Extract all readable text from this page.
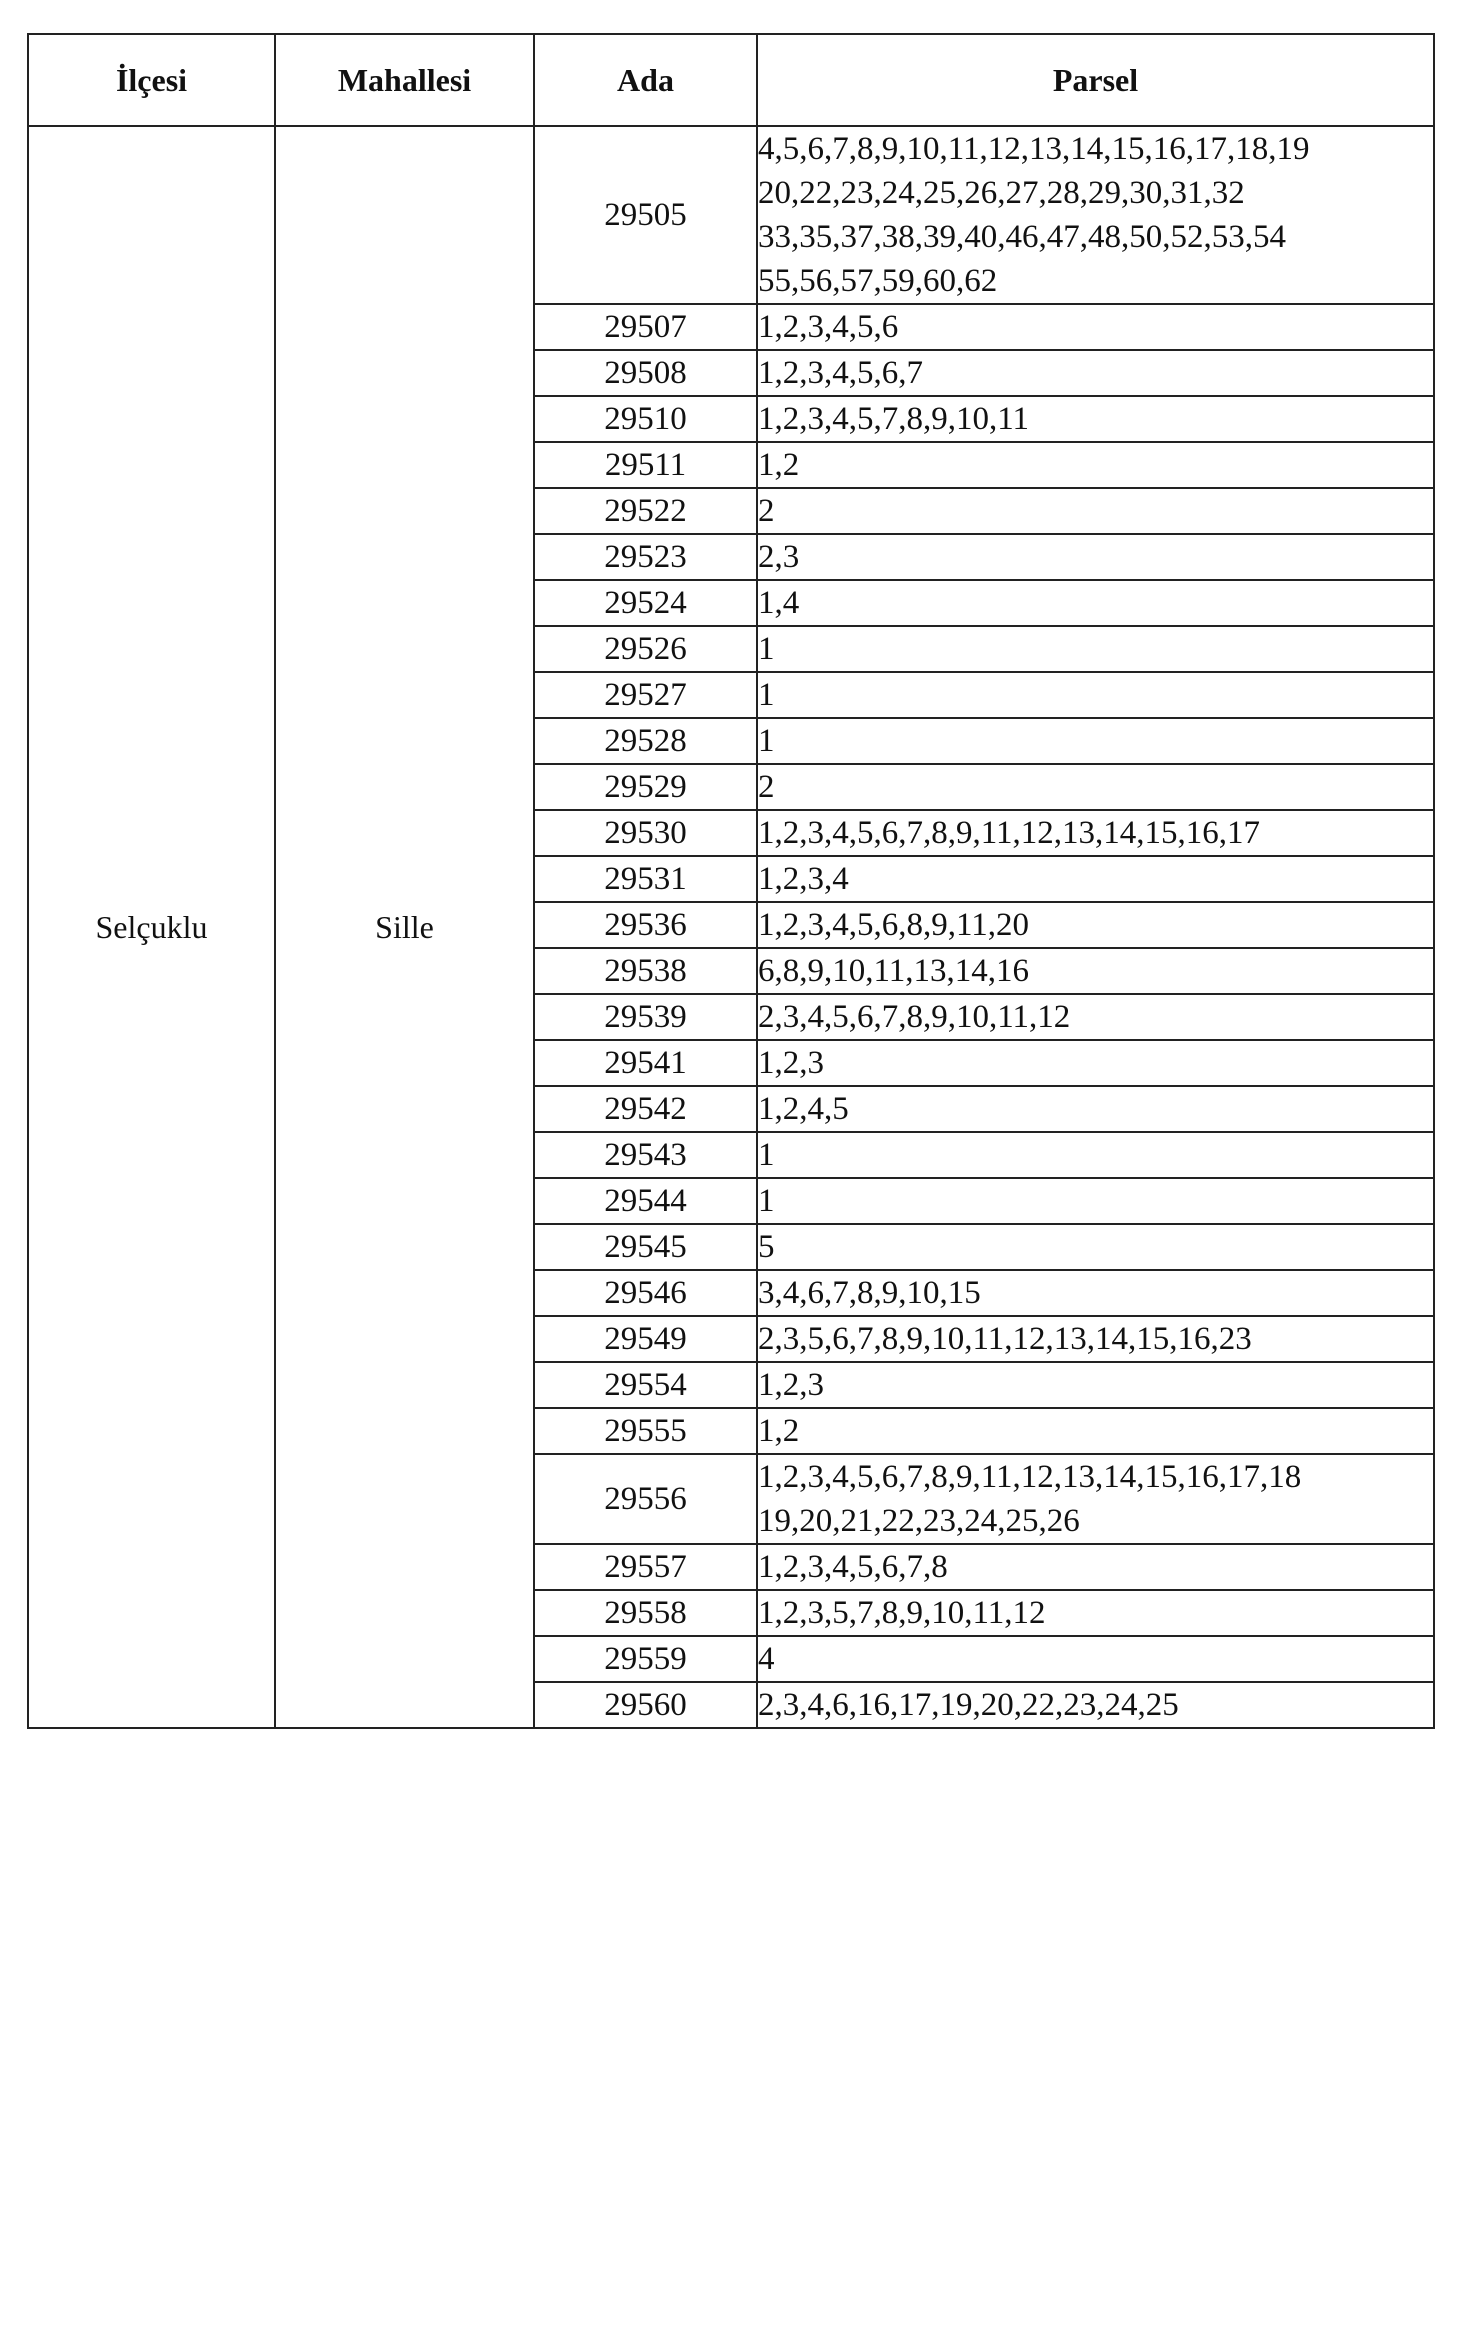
İlçesi	Mahallesi	Ada	Parsel
Selçuklu	Sille	29505	4,5,6,7,8,9,10,11,12,13,14,15,16,17,18,19
20,22,23,24,25,26,27,28,29,30,31,32
33,35,37,38,39,40,46,47,48,50,52,53,54
55,56,57,59,60,62

		29507	1,2,3,4,5,6

		29508	1,2,3,4,5,6,7

		29510	1,2,3,4,5,7,8,9,10,11

		29511	1,2

		29522	2

		29523	2,3

		29524	1,4

		29526	1

		29527	1

		29528	1

		29529	2

		29530	1,2,3,4,5,6,7,8,9,11,12,13,14,15,16,17

		29531	1,2,3,4

		29536	1,2,3,4,5,6,8,9,11,20

		29538	6,8,9,10,11,13,14,16

		29539	2,3,4,5,6,7,8,9,10,11,12

		29541	1,2,3

		29542	1,2,4,5

		29543	1

		29544	1

		29545	5

		29546	3,4,6,7,8,9,10,15

		29549	2,3,5,6,7,8,9,10,11,12,13,14,15,16,23

		29554	1,2,3

		29555	1,2

		29556	1,2,3,4,5,6,7,8,9,11,12,13,14,15,16,17,18
19,20,21,22,23,24,25,26

		29557	1,2,3,4,5,6,7,8

		29558	1,2,3,5,7,8,9,10,11,12

		29559	4

		29560	2,3,4,6,16,17,19,20,22,23,24,25
